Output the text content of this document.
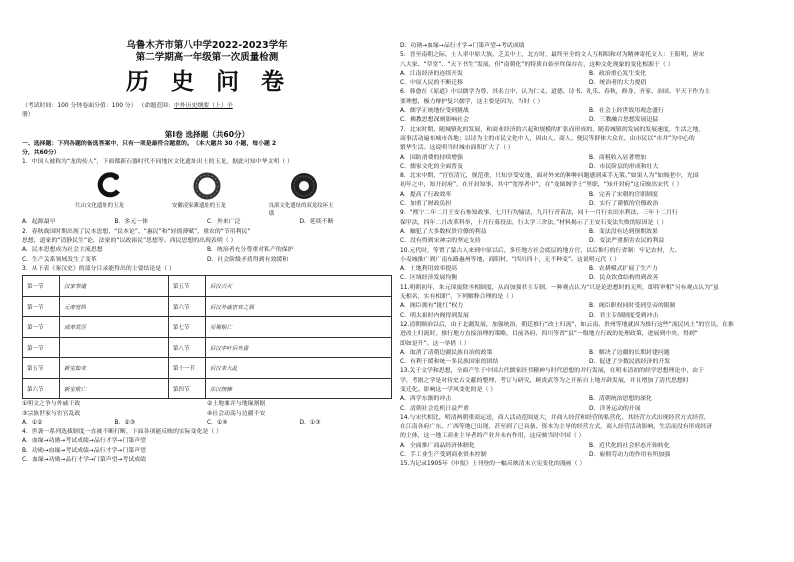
乌鲁木齐市第八中学2022-2023学年
第二学期高一年级第一次质量检测
历史问卷
（考试时间：100 分钟卷面分值：100 分） （命题范围：中外历史纲要（上）全
册）
第Ⅰ卷 选择题（共60分）
一、选择题：下列各题的备选答案中，只有一项是最符合题意的。（本大题共 30 小题，每小题 2
分，共60分）
1．中国人被称为“龙的传人”，下面都新石器时代不同地区文化遗址出土的玉龙，据此可知中华文明（ ）
红山文化遗址的玉龙	安徽凌家滩遗址的玉龙	良渚文化遗址的双龙纹环玉璜
A．起源最早	B．多元一体	C．外来广泛	D．延续不断
2．春秋战国时期出现了民本思想，“民本论”、“惠民”和“轻徭薄赋”，重农的“节用利民”
思想，道家的“清静民生”论，法家的“以政裕民”思想等。西民思想的出现表明（ ）
A．民本思想成为社会主流思想	B．统治者充分尊重对私产的保护
C．生产关系领域发生了变革	D．社会阶级矛盾得到有效缓和
3．从下表《秦汉史》的部分目录能得出的主要结论是（ ）
第一节	汉家奉道	第五节	后汉兴灭
第一节	元帝宽纵	第六节	后汉外戚宦官之祸
第一节	成帝荒淫	第七节	吴蜀相亡
第一节		第八节	后汉中叶后外患
第五节	新室始末	第十一节	后汉末大乱
第六节	新室败亡	第四节	东汉统辖
①明文之争与外戚干政	②土地兼并与地缘割据
③宗族世家与宦官乱政	④社会动荡与边疆不安
A．①②	B．②③	C．①④	D．①③
4．世袭一系列选拔制度一直被不断打断，下面各项能反映的实际变化是（ ）
A．血缘→功勋→考试成绩→品行才学→门第声望
B．功勋→血缘→考试成绩→品行才学→门第声望
C．血缘→功勋→品行才学→门第声望→考试成绩
D．功勋→血缘→品行才学→门第声望→考试成绩
5．晋至南朝之际，士人率中原大族，乏关中土，北方时，最终至全的文人互相唱和对为精神寄托文人：王阳明，唐宋
八大家、“草堂”、“天下书生”发展，但“南朝化”的特质自始至终保存在，这种文化现象的变化根源于（ ）
A．江南经济的连续开发	B．政治重心发生变化
C．中原人民的不断迁移	D．统治者的大力提倡
6．韩愈在《原道》中以儒学为尊，其名言中，认为仁义、道德、诗书、礼乐、春秋，修身、齐家、治国、平天下作为主
要理想，极力辩护复兴儒学，这主要是因为，当时（ ）
A．儒学正统地位受到挑战	B．社会上经世致用观念盛行
C．佛教思想深刻影响社会	D．三教融合思想发展迅猛
7．北宋时期，随城镇化的发展，和商业经济的兴起和规模的扩张而形成的，随着城镇的发展的发展速度，生活之地，
商事活动遍布城市各地；以诗为主的市民文化中人，因由人、商人、便民等群体大众在，由市民以“市井”为中心的
繁华生活。这说明当时城市面积扩大了（ ）
A．国防消费的持续增强	B．商税收入显著增加
C．儒家文化的全面普及	D．市民阶层的形成和壮大
8．北宋中期，“宫宦清冗，规范重，只知享受安逸，面对外来的种种问题感到束手无策。”如果人为“如阁老中，光国
初年之中，知开封府”，在开封知事，其中“宽厚者中”，在“龙图阁学士”里职，“知开封府”这反映出宋代（ ）
A．提高了行政效率	B．完善了宋朝的官职制度
C．加重了财政负担	D．实行了谨慎的官僚政治
9．“熙宁二年二月王安石参知政事，七月行均输法，九月行青苗法，同十一月行农田水利法，三年十二月行
保甲法，四年二月改革科举，十月行募役法，行太学三舍法，”材料揭示了王安石变法失败的原因是（ ）
A．触犯了大多数权贵官僚的利益	B．变法没有达到预期效果
C．没有得到宋神宗的坚定支持	D．变法严重损害农民的利益
10.元代时，等置了蒙古人来到中原以后，多任地方社会底层的地方官，以后推行的行省制：牢记农村，大、
小麦城推广到广南东路惠州等地，商阳村，“四川四十，无不种麦”。这说明元代（ ）
A．土地利用效率提高	B．农耕模式扩展了生产力
C．区域经济发展均衡	D．民众饮食结构得到改善
11.明朝初年，朱元璋废除丞相制度，从而加强君主专制，一种观点认为“只是论思想时的无所，即将审相”另有观点认为“虽
无相名，实有相职”。下列解释合理的是（ ）
A．阁臣拥有“批红”权力	B．阁臣职权同时受到皇帝的限制
C．明太祖时内阁得到发展	D．君主专制制度受到冲击
12.清朝顺治以后，由于北疆发展，加强统治，朝廷推行“改土归流”，如云南、贵州等地就因为推行这些“流民风土”的官员，在推
进改土归流时，推行地方直接治理的策略，目前各府、四川等省“县”一级地方行政的处理政策，进展到中央，得到“
即如是升”。这一举措（ ）
A．取消了清朝边疆民族自治的政策	B．解决了边疆的长期封建问题
C．有利于缓和统一多民族国家的团结	D．促进了少数民族经济的开发
13.关于文学和思想，全面产生于中国古代儒家经书精神与时代思想的并行发展，在明末清初的经学思想理论中，由于
学，考据之学是对待史古文献的整理、考订与研究，顾炎武等为之开拓自上地开辟发展，并且增加了清代思想时
变迁化。影响这一学风变化的是（ ）
A．西学东渐的冲击	B．清朝统治思想的深化
C．清朝社会危机日益严重	D．洋务运动的开展
14.与宋代相比，明清两朝重商运送，商人活动范围更大，并商人经营和经营的私营化，其经营方式出现经营方式经营，
在江南各府广东、广西等地已出现，甚至到了已具备、资本为主导的经营方式，商人经营活动影响、生活而没有形成经济
的主体，这一地工商业主导者的产业并未有作用，这反映当时中国（ ）
A．全面推广商品经济体制化	B．近代化的社会形态开始转化
C．手工业生产受到商业资本控制	D．雇佣劳动力的作用有所加强
15.为记录1905年《申报》上刊登的一幅反映清末立宪变化的漫画（ ）
